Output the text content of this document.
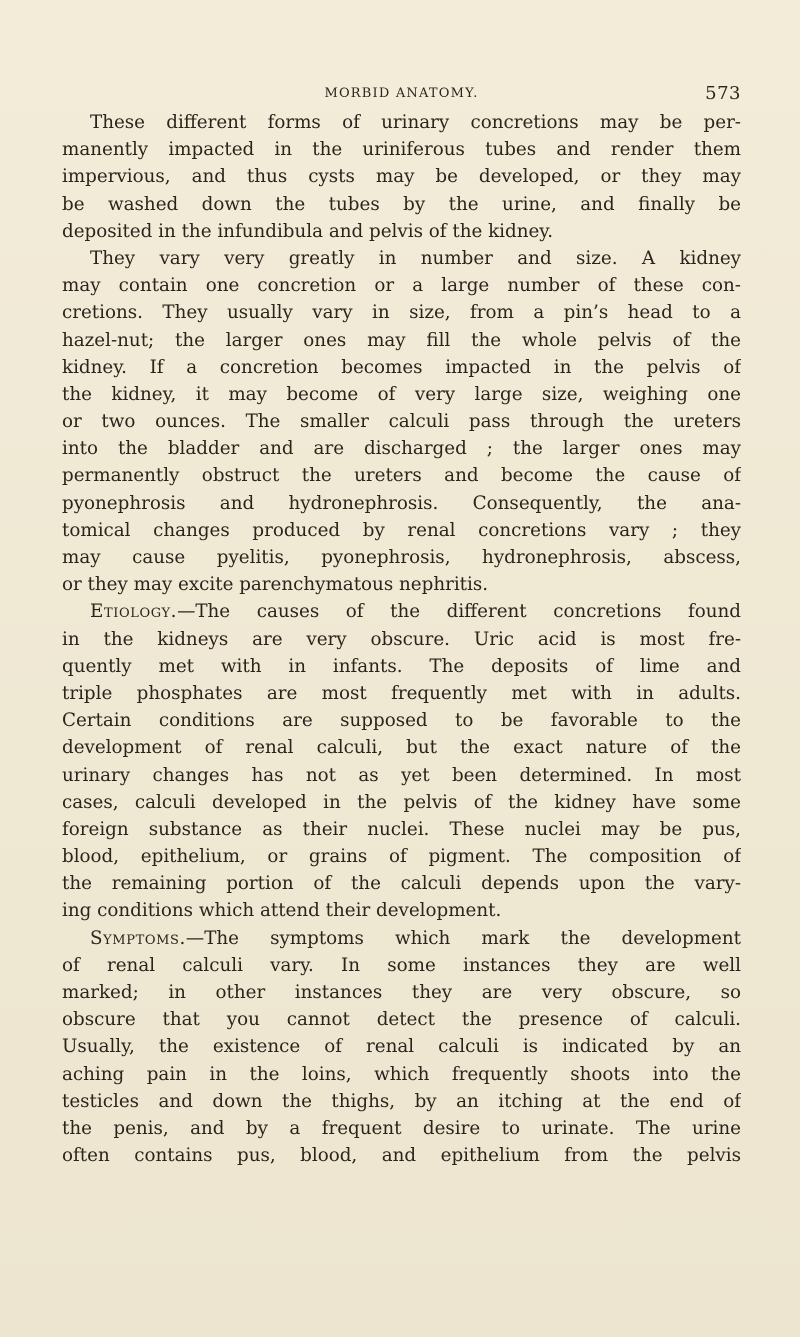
MORBID ANATOMY.	573
These different forms of urinary concretions may be per-
manently impacted in the uriniferous tubes and render them
impervious, and thus cysts may be developed, or they may
be washed down the tubes by the urine, and finally be
deposited in the infundibula and pelvis of the kidney.
They vary very greatly in number and size. A kidney
may contain one concretion or a large number of these con-
cretions. They usually vary in size, from a pin’s head to a
hazel-nut; the larger ones may fill the whole pelvis of the
kidney. If a concretion becomes impacted in the pelvis of
the kidney, it may become of very large size, weighing one
or two ounces. The smaller calculi pass through the ureters
into the bladder and are discharged ; the larger ones may
permanently obstruct the ureters and become the cause of
pyonephrosis and hydronephrosis. Consequently, the ana-
tomical changes produced by renal concretions vary ; they
may cause pyelitis, pyonephrosis, hydronephrosis, abscess,
or they may excite parenchymatous nephritis.
Etiology.—The causes of the different concretions found
in the kidneys are very obscure. Uric acid is most fre-
quently met with in infants. The deposits of lime and
triple phosphates are most frequently met with in adults.
Certain conditions are supposed to be favorable to the
development of renal calculi, but the exact nature of the
urinary changes has not as yet been determined. In most
cases, calculi developed in the pelvis of the kidney have some
foreign substance as their nuclei. These nuclei may be pus,
blood, epithelium, or grains of pigment. The composition of
the remaining portion of the calculi depends upon the vary-
ing conditions which attend their development.
Symptoms.—The symptoms which mark the development
of renal calculi vary. In some instances they are well
marked; in other instances they are very obscure, so
obscure that you cannot detect the presence of calculi.
Usually, the existence of renal calculi is indicated by an
aching pain in the loins, which frequently shoots into the
testicles and down the thighs, by an itching at the end of
the penis, and by a frequent desire to urinate. The urine
often contains pus, blood, and epithelium from the pelvis
